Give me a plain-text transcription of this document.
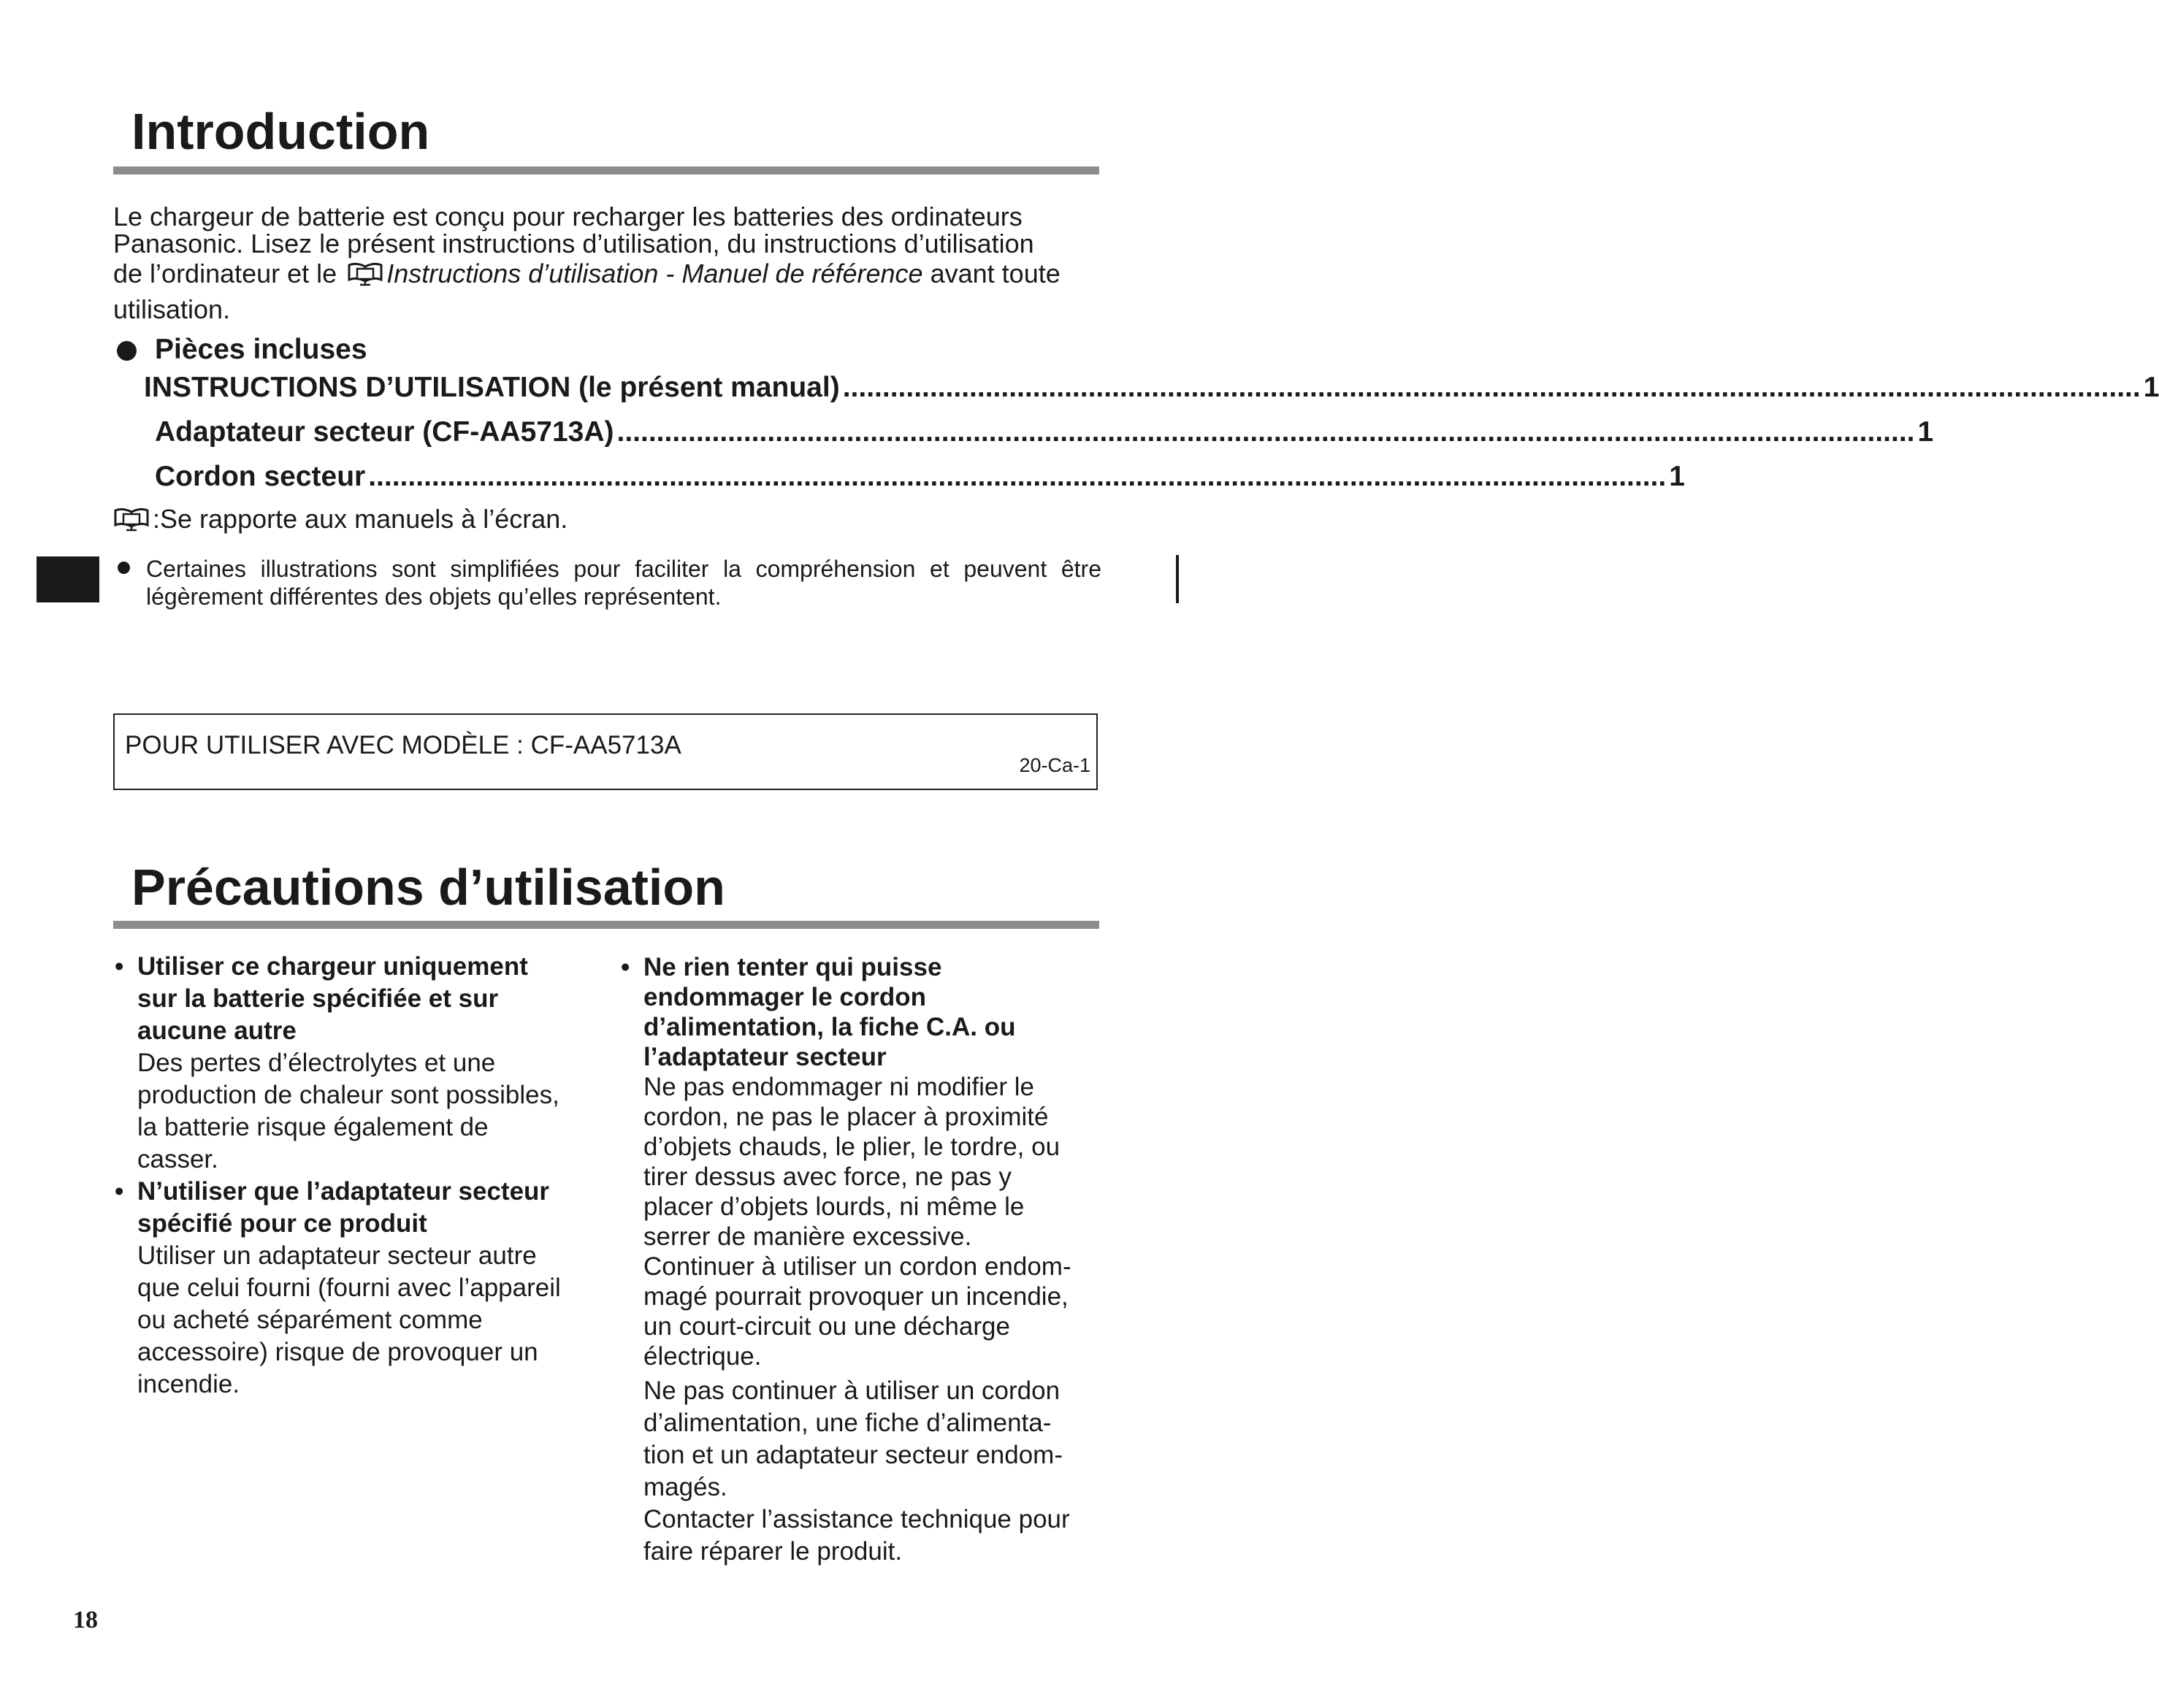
Introduction
Le chargeur de batterie est conçu pour recharger les batteries des ordinateurs
Panasonic. Lisez le présent instructions d’utilisation, du instructions d’utilisation
de l’ordinateur et le Instructions d’utilisation - Manuel de référence avant toute
utilisation.
Pièces incluses
INSTRUCTIONS D’UTILISATION (le présent manual) .................................................................................................................................................................... 1
Adaptateur secteur (CF-AA5713A) .................................................................................................................................................................... 1
Cordon secteur .................................................................................................................................................................... 1
:Se rapporte aux manuels à l’écran.
Certaines illustrations sont simplifiées pour faciliter la compréhension et peuvent être
légèrement différentes des objets qu’elles représentent.
POUR UTILISER AVEC MODÈLE : CF-AA5713A
20-Ca-1
Précautions d’utilisation
• Utiliser ce chargeur uniquement
sur la batterie spécifiée et sur
aucune autre
Des pertes d’électrolytes et une
production de chaleur sont possibles,
la batterie risque également de
casser.
• N’utiliser que l’adaptateur secteur
spécifié pour ce produit
Utiliser un adaptateur secteur autre
que celui fourni (fourni avec l’appareil
ou acheté séparément comme
accessoire) risque de provoquer un
incendie.
• Ne rien tenter qui puisse
endommager le cordon
d’alimentation, la fiche C.A. ou
l’adaptateur secteur
Ne pas endommager ni modifier le
cordon, ne pas le placer à proximité
d’objets chauds, le plier, le tordre, ou
tirer dessus avec force, ne pas y
placer d’objets lourds, ni même le
serrer de manière excessive.
Continuer à utiliser un cordon endom-
magé pourrait provoquer un incendie,
un court-circuit ou une décharge
électrique.
Ne pas continuer à utiliser un cordon
d’alimentation, une fiche d’alimenta-
tion et un adaptateur secteur endom-
magés.
Contacter l’assistance technique pour
faire réparer le produit.
18
